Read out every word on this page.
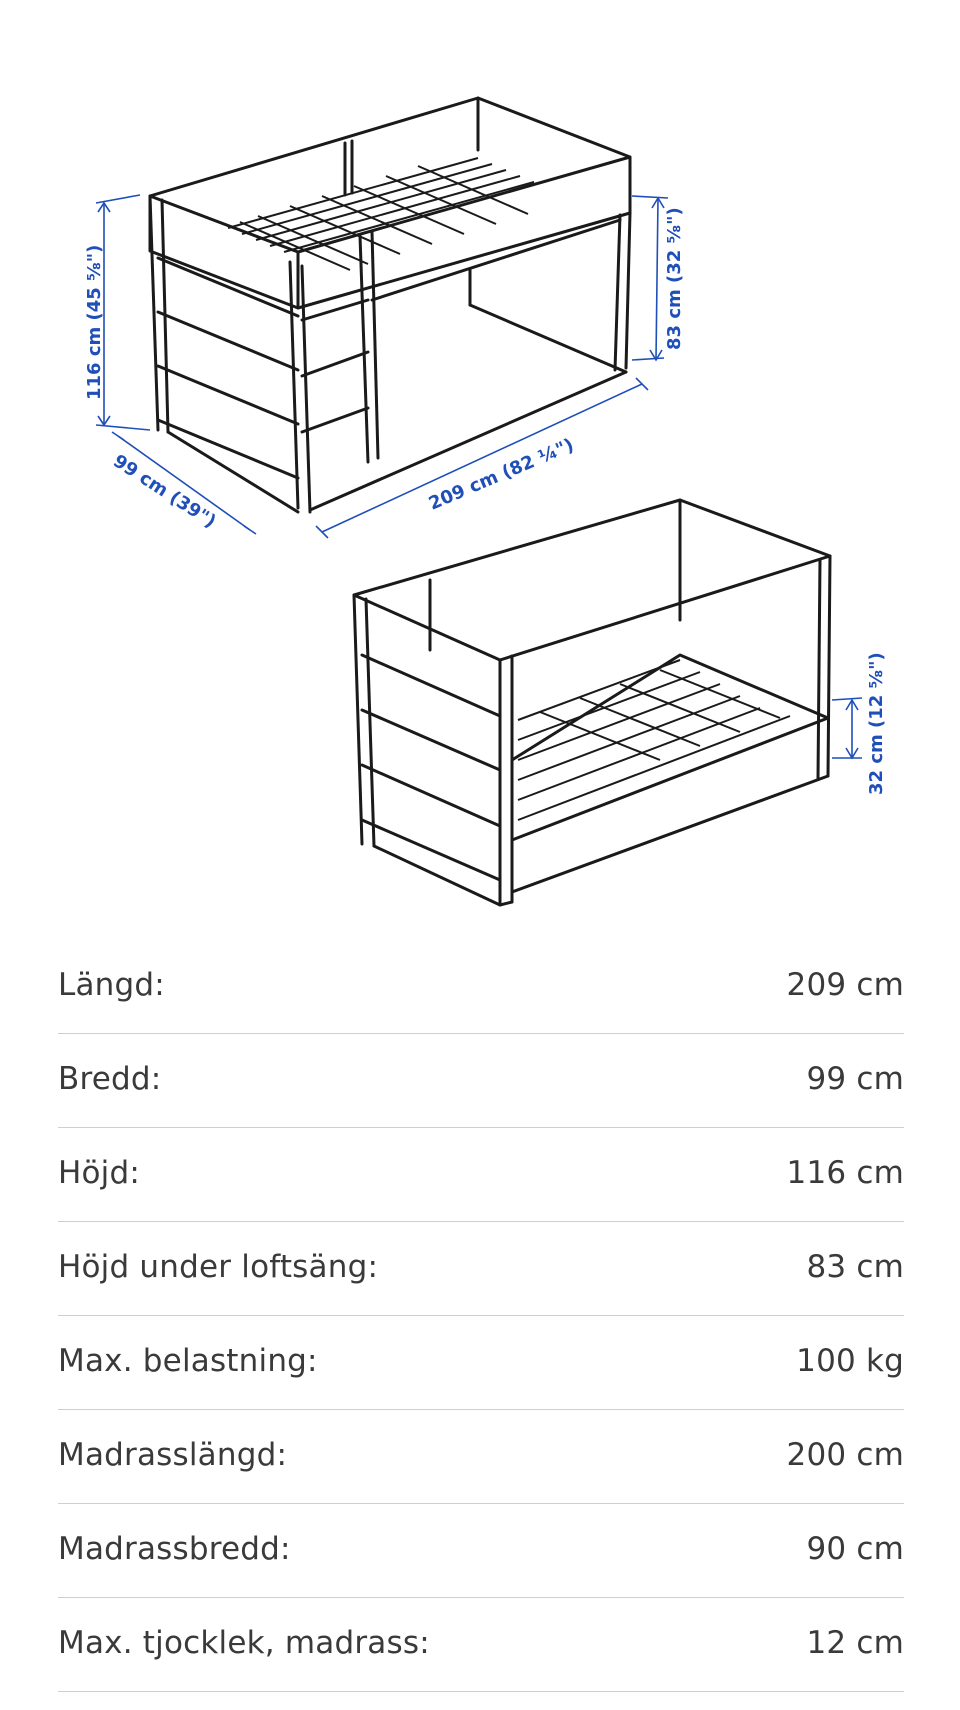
116 cm (45 ⅝")	83 cm (32 ⅝")
99 cm (39")	209 cm (82 ¼")
32 cm (12 ⅝")
Längd:	209 cm
Bredd:	99 cm
Höjd:	116 cm
Höjd under loftsäng:	83 cm
Max. belastning:	100 kg
Madrasslängd:	200 cm
Madrassbredd:	90 cm
Max. tjocklek, madrass:	12 cm
